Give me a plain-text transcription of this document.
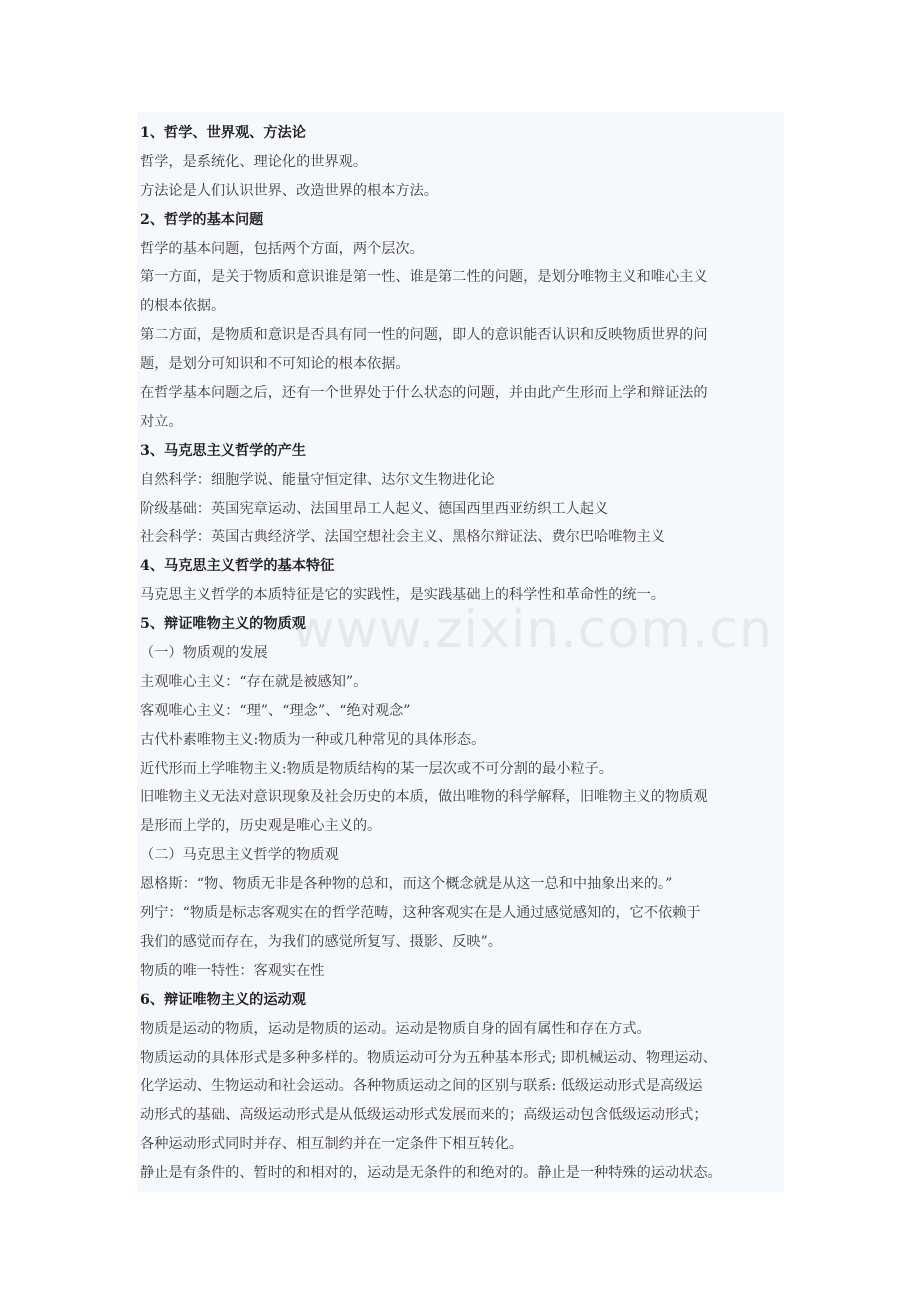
1、哲学、世界观、方法论
哲学，是系统化、理论化的世界观。
方法论是人们认识世界、改造世界的根本方法。
2、哲学的基本问题
哲学的基本问题，包括两个方面，两个层次。
第一方面，是关于物质和意识谁是第一性、谁是第二性的问题，是划分唯物主义和唯心主义
的根本依据。
第二方面，是物质和意识是否具有同一性的问题，即人的意识能否认识和反映物质世界的问
题，是划分可知识和不可知论的根本依据。
在哲学基本问题之后，还有一个世界处于什么状态的问题，并由此产生形而上学和辩证法的
对立。
3、马克思主义哲学的产生
自然科学：细胞学说、能量守恒定律、达尔文生物进化论
阶级基础：英国宪章运动、法国里昂工人起义、德国西里西亚纺织工人起义
社会科学：英国古典经济学、法国空想社会主义、黑格尔辩证法、费尔巴哈唯物主义
4、马克思主义哲学的基本特征
马克思主义哲学的本质特征是它的实践性，是实践基础上的科学性和革命性的统一。
5、辩证唯物主义的物质观
（一）物质观的发展
主观唯心主义：“存在就是被感知”。
客观唯心主义：“理”、“理念”、“绝对观念”
古代朴素唯物主义:物质为一种或几种常见的具体形态。
近代形而上学唯物主义:物质是物质结构的某一层次或不可分割的最小粒子。
旧唯物主义无法对意识现象及社会历史的本质，做出唯物的科学解释，旧唯物主义的物质观
是形而上学的，历史观是唯心主义的。
（二）马克思主义哲学的物质观
恩格斯：“物、物质无非是各种物的总和，而这个概念就是从这一总和中抽象出来的。”
列宁：“物质是标志客观实在的哲学范畴，这种客观实在是人通过感觉感知的，它不依赖于
我们的感觉而存在，为我们的感觉所复写、摄影、反映”。
物质的唯一特性：客观实在性
6、辩证唯物主义的运动观
物质是运动的物质，运动是物质的运动。运动是物质自身的固有属性和存在方式。
物质运动的具体形式是多种多样的。物质运动可分为五种基本形式; 即机械运动、物理运动、
化学运动、生物运动和社会运动。各种物质运动之间的区别与联系: 低级运动形式是高级运
动形式的基础、高级运动形式是从低级运动形式发展而来的；高级运动包含低级运动形式；
各种运动形式同时并存、相互制约并在一定条件下相互转化。
静止是有条件的、暂时的和相对的，运动是无条件的和绝对的。静止是一种特殊的运动状态。
www.zixin.com.cn
